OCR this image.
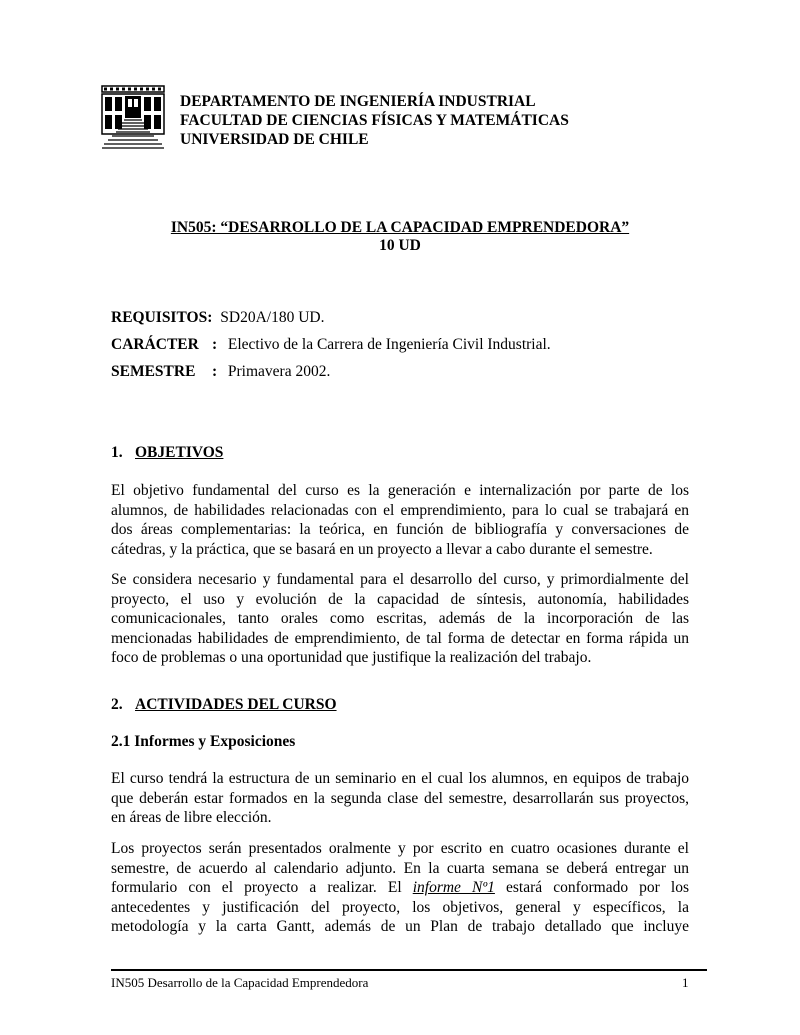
DEPARTAMENTO DE INGENIERÍA INDUSTRIAL
FACULTAD DE CIENCIAS FÍSICAS Y MATEMÁTICAS
UNIVERSIDAD DE CHILE
IN505: “DESARROLLO DE LA CAPACIDAD EMPRENDEDORA”
10 UD
REQUISITOS: SD20A/180 UD.
CARÁCTER : Electivo de la Carrera de Ingeniería Civil Industrial.
SEMESTRE : Primavera 2002.
1. OBJETIVOS
El objetivo fundamental del curso es la generación e internalización por parte de los
alumnos, de habilidades relacionadas con el emprendimiento, para lo cual se trabajará en
dos áreas complementarias: la teórica, en función de bibliografía y conversaciones de
cátedras, y la práctica, que se basará en un proyecto a llevar a cabo durante el semestre.
Se considera necesario y fundamental para el desarrollo del curso, y primordialmente del
proyecto, el uso y evolución de la capacidad de síntesis, autonomía, habilidades
comunicacionales, tanto orales como escritas, además de la incorporación de las
mencionadas habilidades de emprendimiento, de tal forma de detectar en forma rápida un
foco de problemas o una oportunidad que justifique la realización del trabajo.
2. ACTIVIDADES DEL CURSO
2.1 Informes y Exposiciones
El curso tendrá la estructura de un seminario en el cual los alumnos, en equipos de trabajo
que deberán estar formados en la segunda clase del semestre, desarrollarán sus proyectos,
en áreas de libre elección.
Los proyectos serán presentados oralmente y por escrito en cuatro ocasiones durante el
semestre, de acuerdo al calendario adjunto. En la cuarta semana se deberá entregar un
formulario con el proyecto a realizar. El informe Nº1 estará conformado por los
antecedentes y justificación del proyecto, los objetivos, general y específicos, la
metodología y la carta Gantt, además de un Plan de trabajo detallado que incluye
IN505 Desarrollo de la Capacidad Emprendedora	1
